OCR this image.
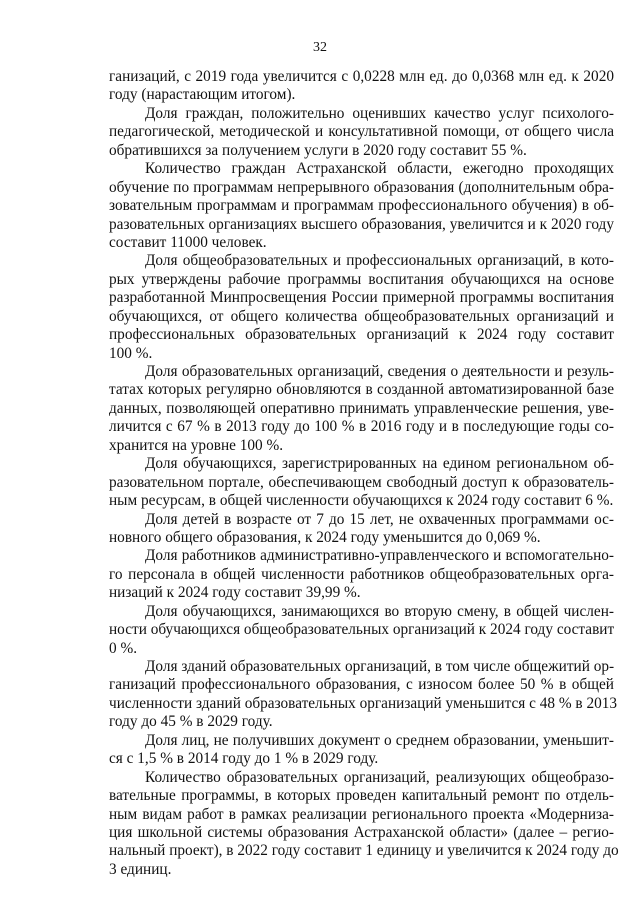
32

ганизаций, с 2019 года увеличится с 0,0228 млн ед. до 0,0368 млн ед. к 2020
году (нарастающим итогом).

Доля граждан, положительно оценивших качество услуг психолого-
педагогической, методической и консультативной помощи, от общего числа
обратившихся за получением услуги в 2020 году составит 55 %.

Количество граждан Астраханской области, ежегодно проходящих
обучение по программам непрерывного образования (дополнительным обра-
зовательным программам и программам профессионального обучения) в об-
разовательных организациях высшего образования, увеличится и к 2020 году
составит 11000 человек.

Доля общеобразовательных и профессиональных организаций, в кото-
рых утверждены рабочие программы воспитания обучающихся на основе
разработанной Минпросвещения России примерной программы воспитания
обучающихся, от общего количества общеобразовательных организаций и
профессиональных образовательных организаций к 2024 году составит
100 %.

Доля образовательных организаций, сведения о деятельности и резуль-
татах которых регулярно обновляются в созданной автоматизированной базе
данных, позволяющей оперативно принимать управленческие решения, уве-
личится с 67 % в 2013 году до 100 % в 2016 году и в последующие годы со-
хранится на уровне 100 %.

Доля обучающихся, зарегистрированных на едином региональном об-
разовательном портале, обеспечивающем свободный доступ к образователь-
ным ресурсам, в общей численности обучающихся к 2024 году составит 6 %.

Доля детей в возрасте от 7 до 15 лет, не охваченных программами ос-
новного общего образования, к 2024 году уменьшится до 0,069 %.

Доля работников административно-управленческого и вспомогательно-
го персонала в общей численности работников общеобразовательных орга-
низаций к 2024 году составит 39,99 %.

Доля обучающихся, занимающихся во вторую смену, в общей числен-
ности обучающихся общеобразовательных организаций к 2024 году составит
0 %.

Доля зданий образовательных организаций, в том числе общежитий ор-
ганизаций профессионального образования, с износом более 50 % в общей
численности зданий образовательных организаций уменьшится с 48 % в 2013
году до 45 % в 2029 году.

Доля лиц, не получивших документ о среднем образовании, уменьшит-
ся с 1,5 % в 2014 году до 1 % в 2029 году.

Количество образовательных организаций, реализующих общеобразо-
вательные программы, в которых проведен капитальный ремонт по отдель-
ным видам работ в рамках реализации регионального проекта «Модерниза-
ция школьной системы образования Астраханской области» (далее – регио-
нальный проект), в 2022 году составит 1 единицу и увеличится к 2024 году до
3 единиц.
